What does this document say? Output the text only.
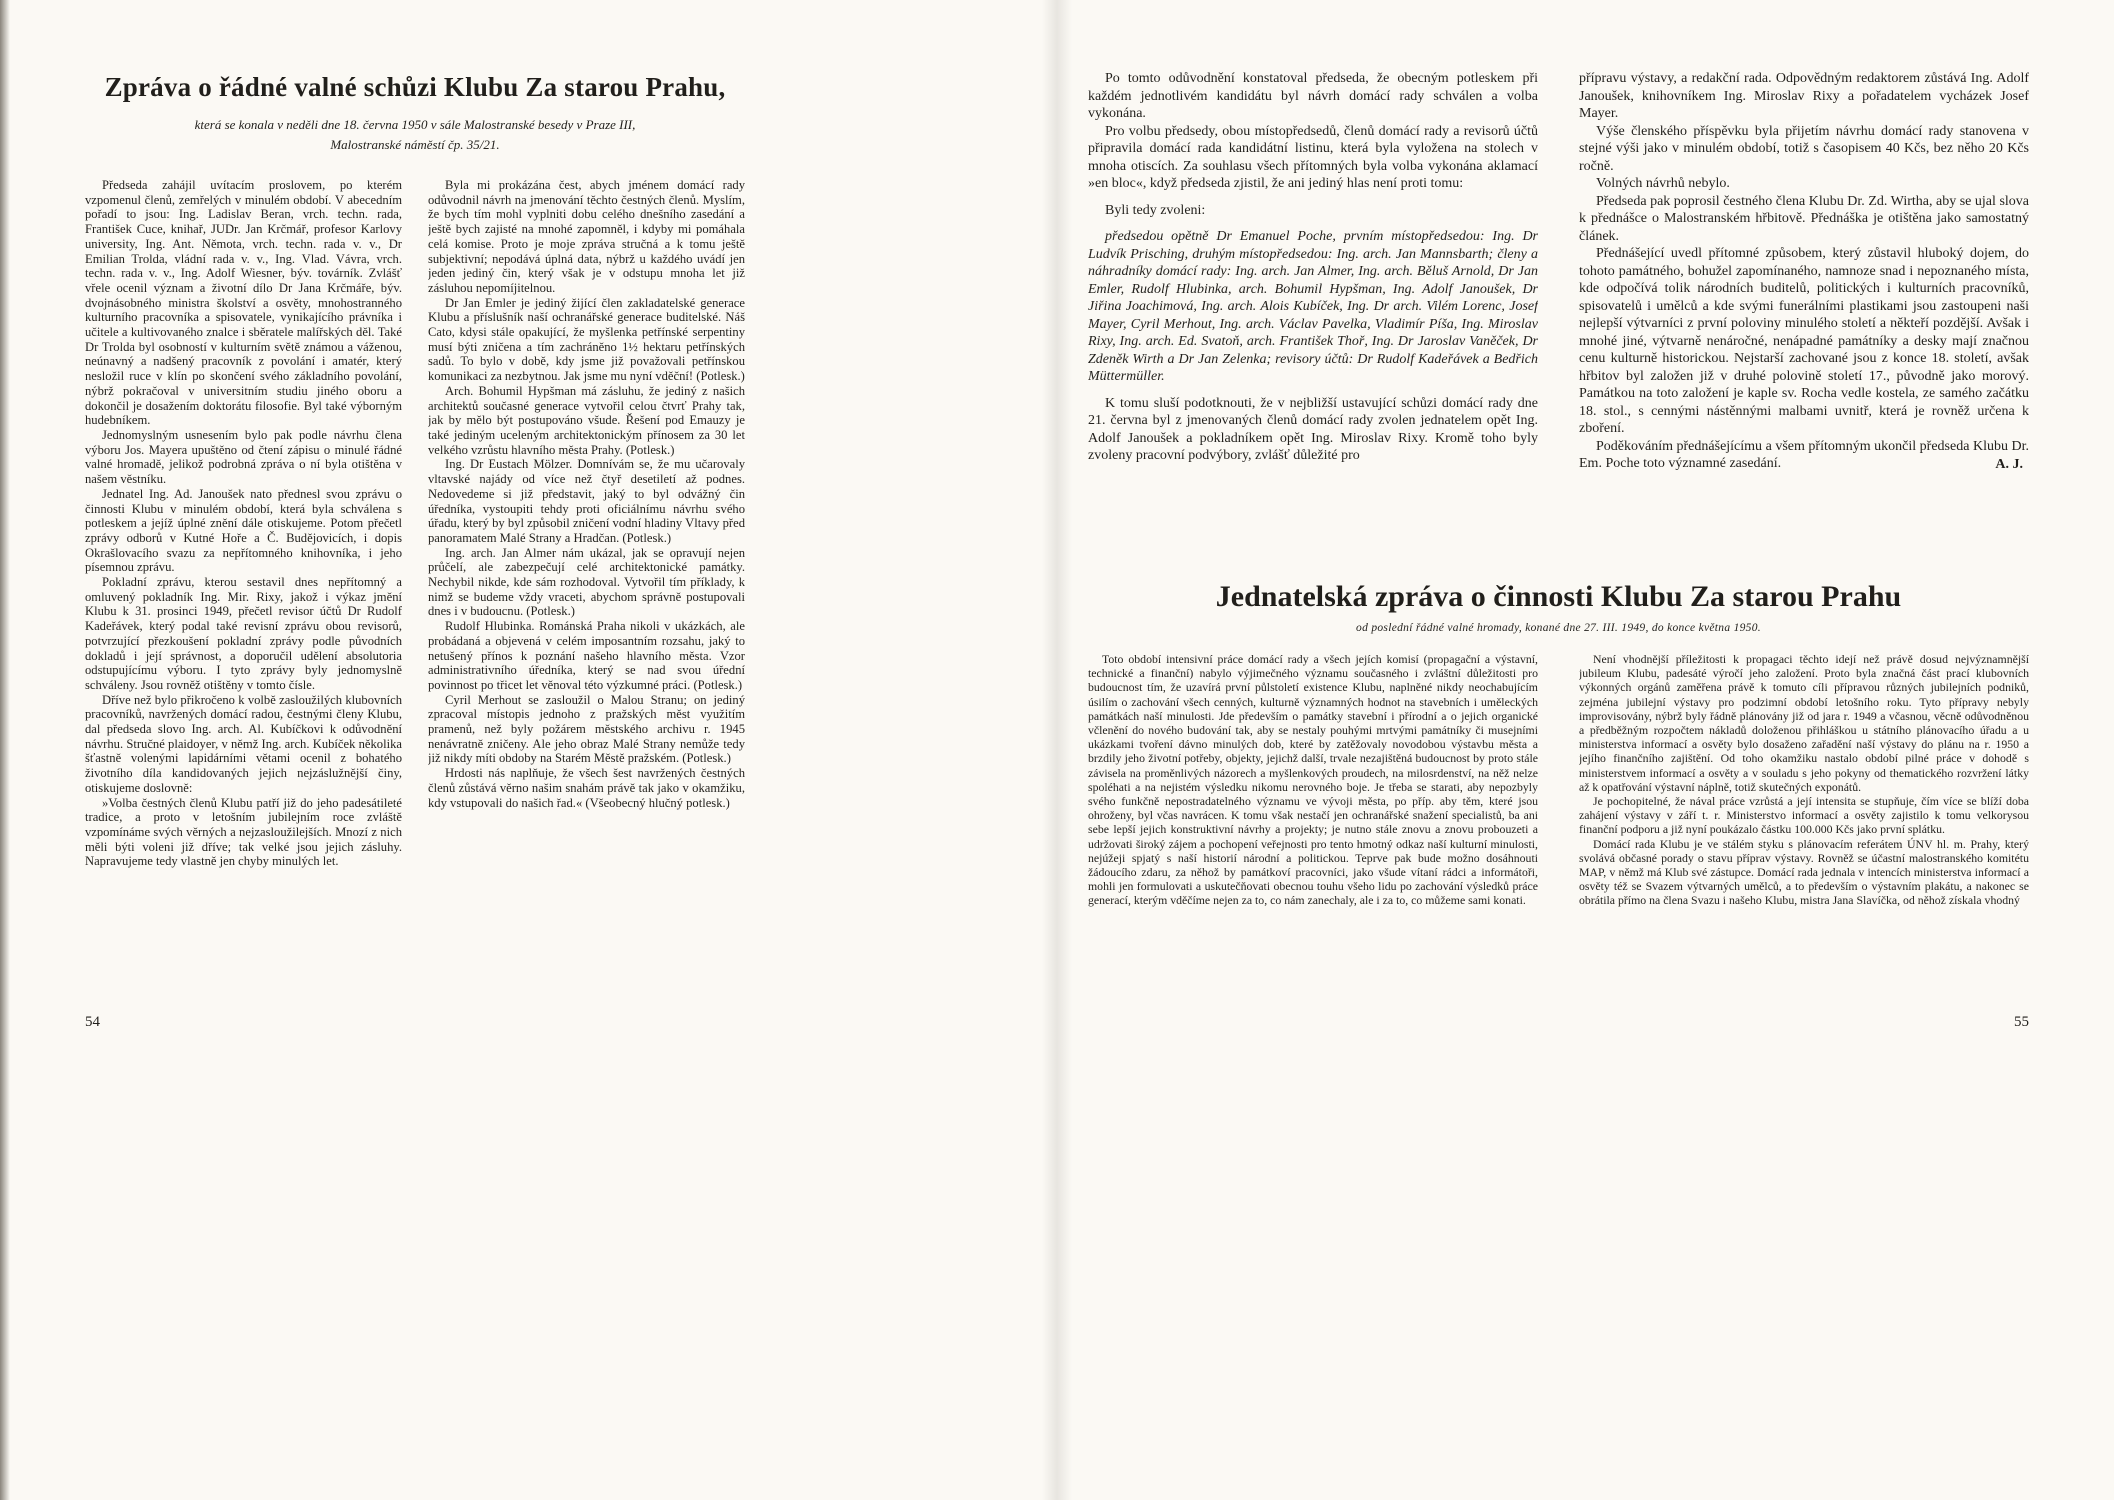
Zpráva o řádné valné schůzi Klubu Za starou Prahu,
která se konala v neděli dne 18. června 1950 v sále Malostranské besedy v Praze III,
Malostranské náměstí čp. 35/21.

Předseda zahájil uvítacím proslovem, po kterém vzpomenul členů, zemřelých v minulém období. V abecedním pořadí to jsou: Ing. Ladislav Beran, vrch. techn. rada, František Cuce, knihař, JUDr. Jan Krčmář, profesor Karlovy university, Ing. Ant. Němota, vrch. techn. rada v. v., Dr Emilian Trolda, vládní rada v. v., Ing. Vlad. Vávra, vrch. techn. rada v. v., Ing. Adolf Wiesner, býv. továrník. Zvlášť vřele ocenil význam a životní dílo Dr Jana Krčmáře, býv. dvojnásobného ministra školství a osvěty, mnohostranného kulturního pracovníka a spisovatele, vynikajícího právníka i učitele a kultivovaného znalce i sběratele malířských děl. Také Dr Trolda byl osobností v kulturním světě známou a váženou, neúnavný a nadšený pracovník z povolání i amatér, který nesložil ruce v klín po skončení svého základního povolání, nýbrž pokračoval v universitním studiu jiného oboru a dokončil je dosažením doktorátu filosofie. Byl také výborným hudebníkem.

Jednomyslným usnesením bylo pak podle návrhu člena výboru Jos. Mayera upuštěno od čtení zápisu o minulé řádné valné hromadě, jelikož podrobná zpráva o ní byla otištěna v našem věstníku.

Jednatel Ing. Ad. Janoušek nato přednesl svou zprávu o činnosti Klubu v minulém období, která byla schválena s potleskem a jejíž úplné znění dále otiskujeme. Potom přečetl zprávy odborů v Kutné Hoře a Č. Budějovicích, i dopis Okrašlovacího svazu za nepřítomného knihovníka, i jeho písemnou zprávu.

Pokladní zprávu, kterou sestavil dnes nepřítomný a omluvený pokladník Ing. Mir. Rixy, jakož i výkaz jmění Klubu k 31. prosinci 1949, přečetl revisor účtů Dr Rudolf Kadeřávek, který podal také revisní zprávu obou revisorů, potvrzující přezkoušení pokladní zprávy podle původních dokladů i její správnost, a doporučil udělení absolutoria odstupujícímu výboru. I tyto zprávy byly jednomyslně schváleny. Jsou rovněž otištěny v tomto čísle.

Dříve než bylo přikročeno k volbě zasloužilých klubovních pracovníků, navržených domácí radou, čestnými členy Klubu, dal předseda slovo Ing. arch. Al. Kubíčkovi k odůvodnění návrhu. Stručné plaidoyer, v němž Ing. arch. Kubíček několika šťastně volenými lapidárními větami ocenil z bohatého životního díla kandidovaných jejich nejzáslužnější činy, otiskujeme doslovně:

»Volba čestných členů Klubu patří již do jeho padesátileté tradice, a proto v letošním jubilejním roce zvláště vzpomínáme svých věrných a nejzasloužilejších. Mnozí z nich měli býti voleni již dříve; tak velké jsou jejich zásluhy. Napravujeme tedy vlastně jen chyby minulých let.

Byla mi prokázána čest, abych jménem domácí rady odůvodnil návrh na jmenování těchto čestných členů. Myslím, že bych tím mohl vyplniti dobu celého dnešního zasedání a ještě bych zajisté na mnohé zapomněl, i kdyby mi pomáhala celá komise. Proto je moje zpráva stručná a k tomu ještě subjektivní; nepodává úplná data, nýbrž u každého uvádí jen jeden jediný čin, který však je v odstupu mnoha let již zásluhou nepomíjitelnou.

Dr Jan Emler je jediný žijící člen zakladatelské generace Klubu a příslušník naší ochranářské generace buditelské. Náš Cato, kdysi stále opakující, že myšlenka petřínské serpentiny musí býti zničena a tím zachráněno 1½ hektaru petřínských sadů. To bylo v době, kdy jsme již považovali petřínskou komunikaci za nezbytnou. Jak jsme mu nyní vděční! (Potlesk.)

Arch. Bohumil Hypšman má zásluhu, že jediný z našich architektů současné generace vytvořil celou čtvrť Prahy tak, jak by mělo být postupováno všude. Řešení pod Emauzy je také jediným uceleným architektonickým přínosem za 30 let velkého vzrůstu hlavního města Prahy. (Potlesk.)

Ing. Dr Eustach Mölzer. Domnívám se, že mu učarovaly vltavské najády od více než čtyř desetiletí až podnes. Nedovedeme si již představit, jaký to byl odvážný čin úředníka, vystoupiti tehdy proti oficiálnímu návrhu svého úřadu, který by byl způsobil zničení vodní hladiny Vltavy před panoramatem Malé Strany a Hradčan. (Potlesk.)

Ing. arch. Jan Almer nám ukázal, jak se opravují nejen průčelí, ale zabezpečují celé architektonické památky. Nechybil nikde, kde sám rozhodoval. Vytvořil tím příklady, k nimž se budeme vždy vraceti, abychom správně postupovali dnes i v budoucnu. (Potlesk.)

Rudolf Hlubinka. Románská Praha nikoli v ukázkách, ale probádaná a objevená v celém imposantním rozsahu, jaký to netušený přínos k poznání našeho hlavního města. Vzor administrativního úředníka, který se nad svou úřední povinnost po třicet let věnoval této výzkumné práci. (Potlesk.)

Cyril Merhout se zasloužil o Malou Stranu; on jediný zpracoval místopis jednoho z pražských měst využitím pramenů, než byly požárem městského archivu r. 1945 nenávratně zničeny. Ale jeho obraz Malé Strany nemůže tedy již nikdy míti obdoby na Starém Městě pražském. (Potlesk.)

Hrdosti nás naplňuje, že všech šest navržených čestných členů zůstává věrno našim snahám právě tak jako v okamžiku, kdy vstupovali do našich řad.« (Všeobecný hlučný potlesk.)

54

Po tomto odůvodnění konstatoval předseda, že obecným potleskem při každém jednotlivém kandidátu byl návrh domácí rady schválen a volba vykonána.

Pro volbu předsedy, obou místopředsedů, členů domácí rady a revisorů účtů připravila domácí rada kandidátní listinu, která byla vyložena na stolech v mnoha otiscích. Za souhlasu všech přítomných byla volba vykonána aklamací »en bloc«, když předseda zjistil, že ani jediný hlas není proti tomu:

Byli tedy zvoleni:

předsedou opětně Dr Emanuel Poche, prvním místopředsedou: Ing. Dr Ludvík Prisching, druhým místopředsedou: Ing. arch. Jan Mannsbarth; členy a náhradníky domácí rady: Ing. arch. Jan Almer, Ing. arch. Běluš Arnold, Dr Jan Emler, Rudolf Hlubinka, arch. Bohumil Hypšman, Ing. Adolf Janoušek, Dr Jiřina Joachimová, Ing. arch. Alois Kubíček, Ing. Dr arch. Vilém Lorenc, Josef Mayer, Cyril Merhout, Ing. arch. Václav Pavelka, Vladimír Píša, Ing. Miroslav Rixy, Ing. arch. Ed. Svatoň, arch. František Thoř, Ing. Dr Jaroslav Vaněček, Dr Zdeněk Wirth a Dr Jan Zelenka; revisory účtů: Dr Rudolf Kadeřávek a Bedřich Müttermüller.

K tomu sluší podotknouti, že v nejbližší ustavující schůzi domácí rady dne 21. června byl z jmenovaných členů domácí rady zvolen jednatelem opět Ing. Adolf Janoušek a pokladníkem opět Ing. Miroslav Rixy. Kromě toho byly zvoleny pracovní podvýbory, zvlášť důležité pro

přípravu výstavy, a redakční rada. Odpovědným redaktorem zůstává Ing. Adolf Janoušek, knihovníkem Ing. Miroslav Rixy a pořadatelem vycházek Josef Mayer.

Výše členského příspěvku byla přijetím návrhu domácí rady stanovena v stejné výši jako v minulém období, totiž s časopisem 40 Kčs, bez něho 20 Kčs ročně.

Volných návrhů nebylo.

Předseda pak poprosil čestného člena Klubu Dr. Zd. Wirtha, aby se ujal slova k přednášce o Malostranském hřbitově. Přednáška je otištěna jako samostatný článek.

Přednášející uvedl přítomné způsobem, který zůstavil hluboký dojem, do tohoto památného, bohužel zapomínaného, namnoze snad i nepoznaného místa, kde odpočívá tolik národních buditelů, politických i kulturních pracovníků, spisovatelů i umělců a kde svými funerálními plastikami jsou zastoupeni naši nejlepší výtvarníci z první poloviny minulého století a někteří pozdější. Avšak i mnohé jiné, výtvarně nenáročné, nenápadné památníky a desky mají značnou cenu kulturně historickou. Nejstarší zachované jsou z konce 18. století, avšak hřbitov byl založen již v druhé polovině století 17., původně jako morový. Památkou na toto založení je kaple sv. Rocha vedle kostela, ze samého začátku 18. stol., s cennými nástěnnými malbami uvnitř, která je rovněž určena k zboření.

Poděkováním přednášejícímu a všem přítomným ukončil předseda Klubu Dr. Em. Poche toto významné zasedání.	A. J.

Jednatelská zpráva o činnosti Klubu Za starou Prahu
od poslední řádné valné hromady, konané dne 27. III. 1949, do konce května 1950.

Toto období intensivní práce domácí rady a všech jejích komisí (propagační a výstavní, technické a finanční) nabylo výjimečného významu současného i zvláštní důležitosti pro budoucnost tím, že uzavírá první půlstoletí existence Klubu, naplněné nikdy neochabujícím úsilím o zachování všech cenných, kulturně významných hodnot na stavebních i uměleckých památkách naší minulosti. Jde především o památky stavební i přírodní a o jejich organické včlenění do nového budování tak, aby se nestaly pouhými mrtvými památníky či musejními ukázkami tvoření dávno minulých dob, které by zatěžovaly novodobou výstavbu města a brzdily jeho životní potřeby, objekty, jejichž další, trvale nezajištěná budoucnost by proto stále závisela na proměnlivých názorech a myšlenkových proudech, na milosrdenství, na něž nelze spoléhati a na nejistém výsledku nikomu nerovného boje. Je třeba se starati, aby nepozbyly svého funkčně nepostradatelného významu ve vývoji města, po příp. aby těm, které jsou ohroženy, byl včas navrácen. K tomu však nestačí jen ochranářské snažení specialistů, ba ani sebe lepší jejich konstruktivní návrhy a projekty; je nutno stále znovu a znovu probouzeti a udržovati široký zájem a pochopení veřejnosti pro tento hmotný odkaz naší kulturní minulosti, nejúžeji spjatý s naší historií národní a politickou. Teprve pak bude možno dosáhnouti žádoucího zdaru, za něhož by památkoví pracovníci, jako všude vítaní rádci a informátoři, mohli jen formulovati a uskutečňovati obecnou touhu všeho lidu po zachování výsledků práce generací, kterým vděčíme nejen za to, co nám zanechaly, ale i za to, co můžeme sami konati.

Není vhodnější příležitosti k propagaci těchto idejí než právě dosud nejvýznamnější jubileum Klubu, padesáté výročí jeho založení. Proto byla značná část prací klubovních výkonných orgánů zaměřena právě k tomuto cíli přípravou různých jubilejních podniků, zejména jubilejní výstavy pro podzimní období letošního roku. Tyto přípravy nebyly improvisovány, nýbrž byly řádně plánovány již od jara r. 1949 a včasnou, věcně odůvodněnou a předběžným rozpočtem nákladů doloženou přihláškou u státního plánovacího úřadu a u ministerstva informací a osvěty bylo dosaženo zařadění naší výstavy do plánu na r. 1950 a jejího finančního zajištění. Od toho okamžiku nastalo období pilné práce v dohodě s ministerstvem informací a osvěty a v souladu s jeho pokyny od thematického rozvržení látky až k opatřování výstavní náplně, totiž skutečných exponátů.

Je pochopitelné, že nával práce vzrůstá a její intensita se stupňuje, čím více se blíží doba zahájení výstavy v září t. r. Ministerstvo informací a osvěty zajistilo k tomu velkorysou finanční podporu a již nyní poukázalo částku 100.000 Kčs jako první splátku.

Domácí rada Klubu je ve stálém styku s plánovacím referátem ÚNV hl. m. Prahy, který svolává občasné porady o stavu příprav výstavy. Rovněž se účastní malostranského komitétu MAP, v němž má Klub své zástupce. Domácí rada jednala v intencích ministerstva informací a osvěty též se Svazem výtvarných umělců, a to především o výstavním plakátu, a nakonec se obrátila přímo na člena Svazu i našeho Klubu, mistra Jana Slavíčka, od něhož získala vhodný

55
